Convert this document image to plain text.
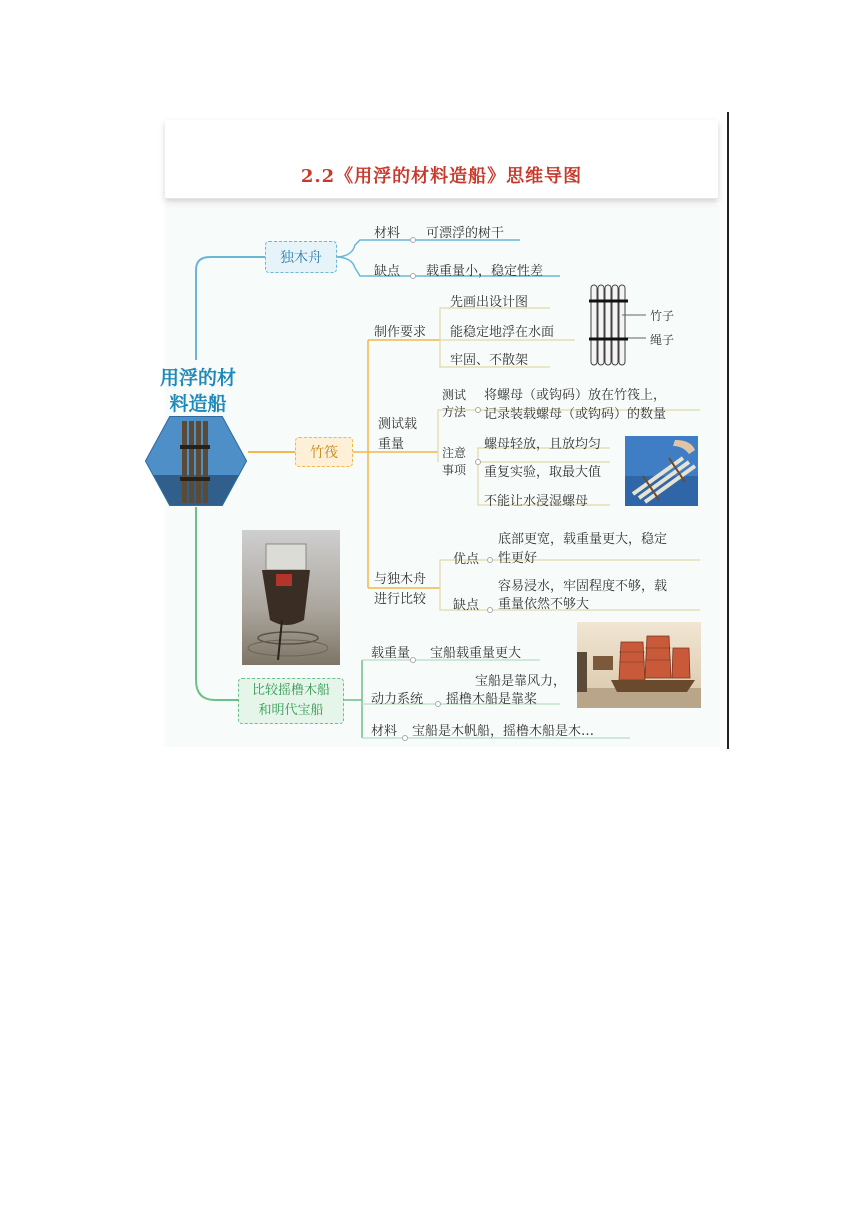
2.2《用浮的材料造船》思维导图
用浮的材
料造船
独木舟
材料 可漂浮的树干
缺点 载重量小，稳定性差
竹筏
制作要求
先画出设计图
能稳定地浮在水面
牢固、不散架
竹子
绳子
测试载
重量
测试
方法
将螺母（或钩码）放在竹筏上，
记录装载螺母（或钩码）的数量
注意
事项
螺母轻放，且放均匀
重复实验，取最大值
不能让水浸湿螺母
与独木舟
进行比较
优点
底部更宽，载重量更大，稳定
性更好
缺点
容易浸水，牢固程度不够，载
重量依然不够大
比较摇橹木船
和明代宝船
载重量 宝船载重量更大
动力系统
宝船是靠风力，
摇橹木船是靠桨
材料 宝船是木帆船，摇橹木船是木…
